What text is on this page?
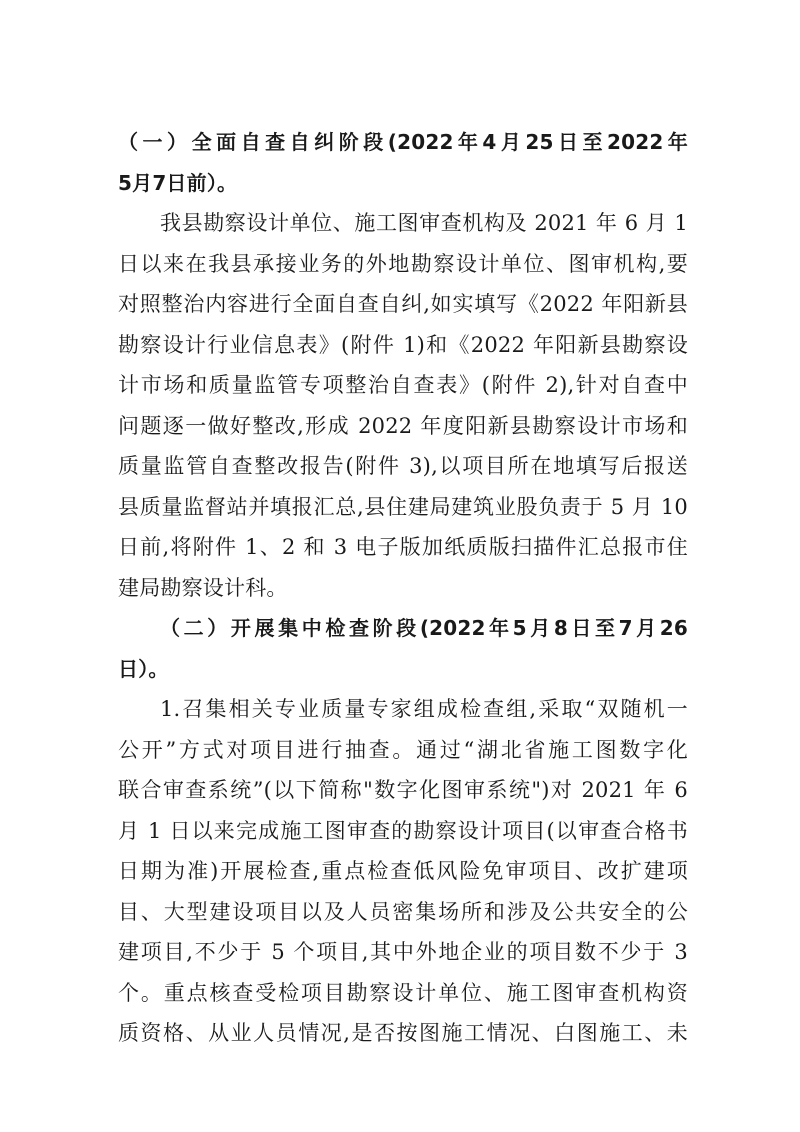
（一）全面自查自纠阶段(2022年4月25日至2022年
5月7日前）。
我县勘察设计单位、施工图审查机构及 2021 年 6 月 1
日以来在我县承接业务的外地勘察设计单位、图审机构,要
对照整治内容进行全面自查自纠,如实填写《2022 年阳新县
勘察设计行业信息表》(附件 1)和《2022 年阳新县勘察设
计市场和质量监管专项整治自查表》(附件 2),针对自查中
问题逐一做好整改,形成 2022 年度阳新县勘察设计市场和
质量监管自查整改报告(附件 3),以项目所在地填写后报送
县质量监督站并填报汇总,县住建局建筑业股负责于 5 月 10
日前,将附件 1、2 和 3 电子版加纸质版扫描件汇总报市住
建局勘察设计科。
（二）开展集中检查阶段(2022年5月8日至7月26
日）。
1.召集相关专业质量专家组成检查组,采取“双随机一
公开”方式对项目进行抽查。通过“湖北省施工图数字化
联合审查系统”(以下简称"数字化图审系统")对 2021 年 6
月 1 日以来完成施工图审查的勘察设计项目(以审查合格书
日期为准)开展检查,重点检查低风险免审项目、改扩建项
目、大型建设项目以及人员密集场所和涉及公共安全的公
建项目,不少于 5 个项目,其中外地企业的项目数不少于 3
个。重点核查受检项目勘察设计单位、施工图审查机构资
质资格、从业人员情况,是否按图施工情况、白图施工、未
